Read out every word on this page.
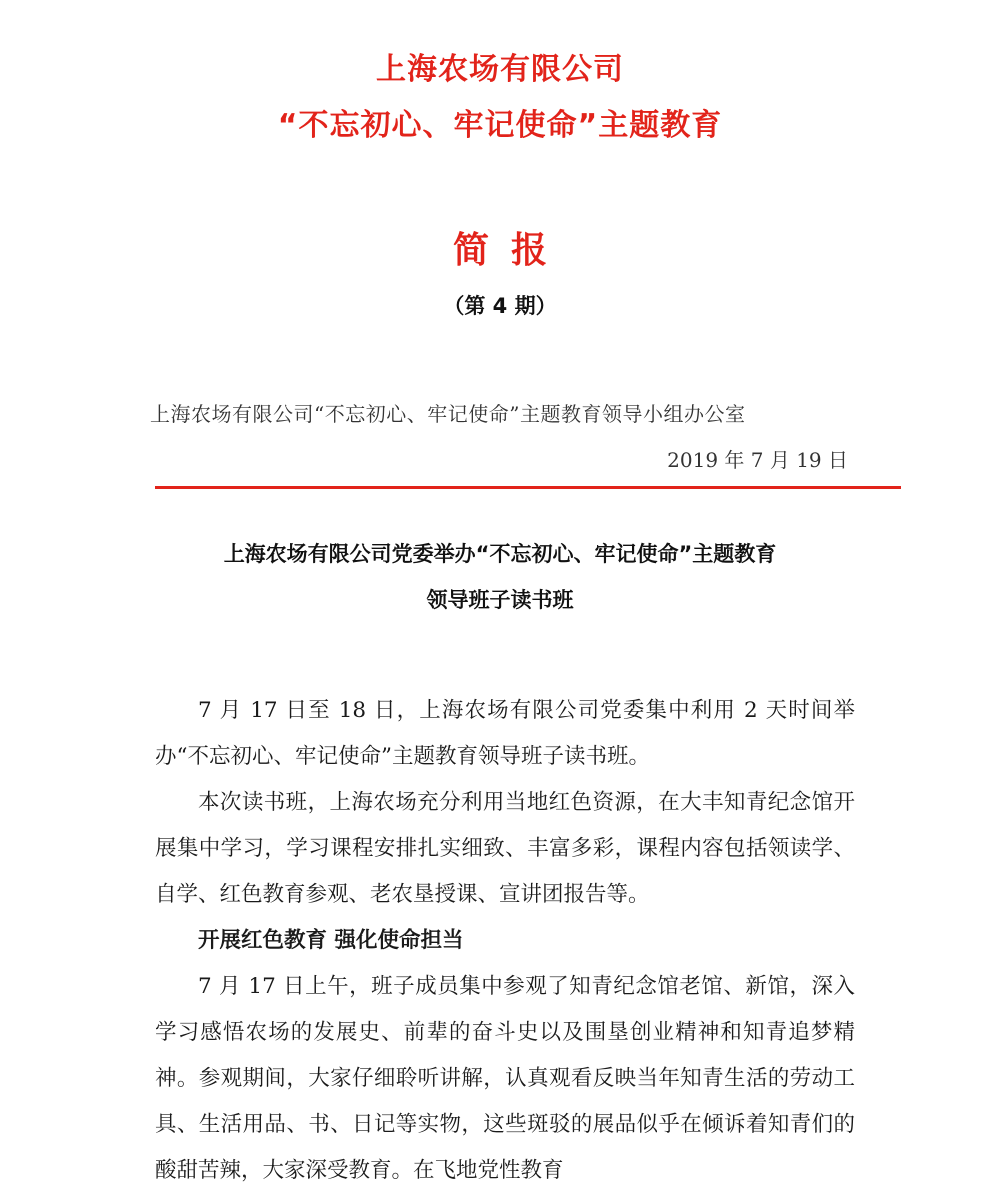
上海农场有限公司
“不忘初心、牢记使命”主题教育
简报

（第 4 期）

上海农场有限公司“不忘初心、牢记使命”主题教育领导小组办公室

2019 年 7 月 19 日

上海农场有限公司党委举办“不忘初心、牢记使命”主题教育
领导班子读书班

7 月 17 日至 18 日，上海农场有限公司党委集中利用 2 天时间举办“不忘初心、牢记使命”主题教育领导班子读书班。

本次读书班，上海农场充分利用当地红色资源，在大丰知青纪念馆开展集中学习，学习课程安排扎实细致、丰富多彩，课程内容包括领读学、自学、红色教育参观、老农垦授课、宣讲团报告等。

开展红色教育 强化使命担当

7 月 17 日上午，班子成员集中参观了知青纪念馆老馆、新馆，深入学习感悟农场的发展史、前辈的奋斗史以及围垦创业精神和知青追梦精神。参观期间，大家仔细聆听讲解，认真观看反映当年知青生活的劳动工具、生活用品、书、日记等实物，这些斑驳的展品似乎在倾诉着知青们的酸甜苦辣，大家深受教育。在飞地党性教育
